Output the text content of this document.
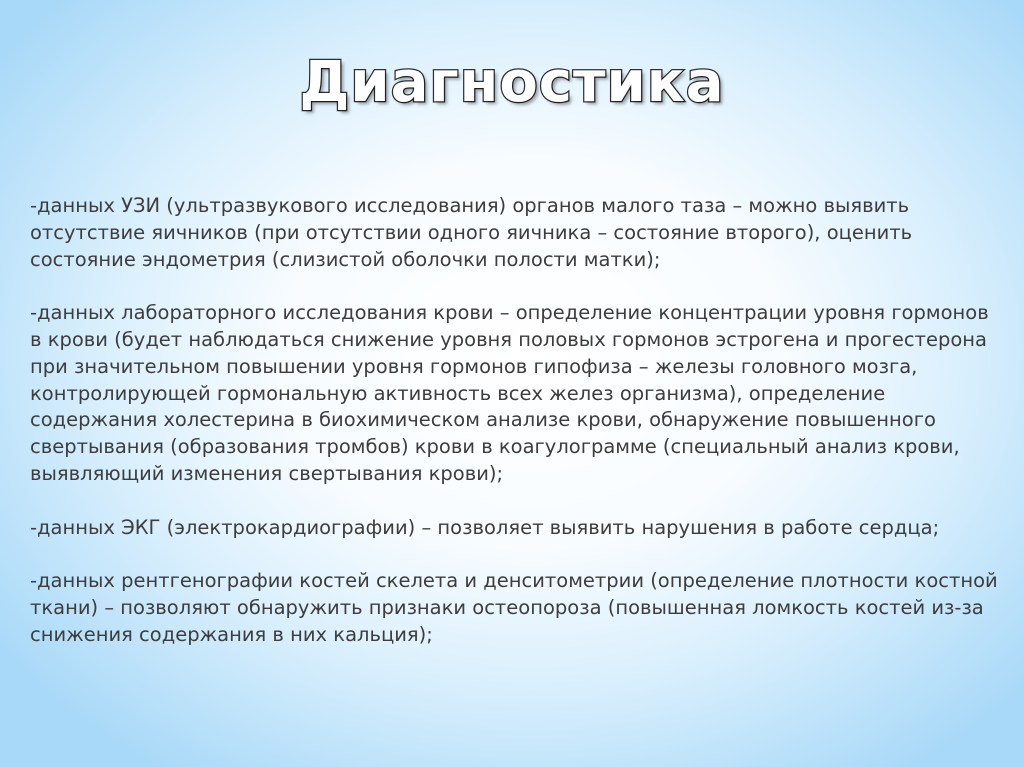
Диагностика

-данных УЗИ (ультразвукового исследования) органов малого таза – можно выявить отсутствие яичников (при отсутствии одного яичника – состояние второго), оценить состояние эндометрия (слизистой оболочки полости матки);

-данных лабораторного исследования крови – определение концентрации уровня гормонов в крови (будет наблюдаться снижение уровня половых гормонов эстрогена и прогестерона при значительном повышении уровня гормонов гипофиза – железы головного мозга, контролирующей гормональную активность всех желез организма), определение содержания холестерина в биохимическом анализе крови, обнаружение повышенного свертывания (образования тромбов) крови в коагулограмме (специальный анализ крови, выявляющий изменения свертывания крови);

-данных ЭКГ (электрокардиографии) – позволяет выявить нарушения в работе сердца;

-данных рентгенографии костей скелета и денситометрии (определение плотности костной ткани) – позволяют обнаружить признаки остеопороза (повышенная ломкость костей из-за снижения содержания в них кальция);
